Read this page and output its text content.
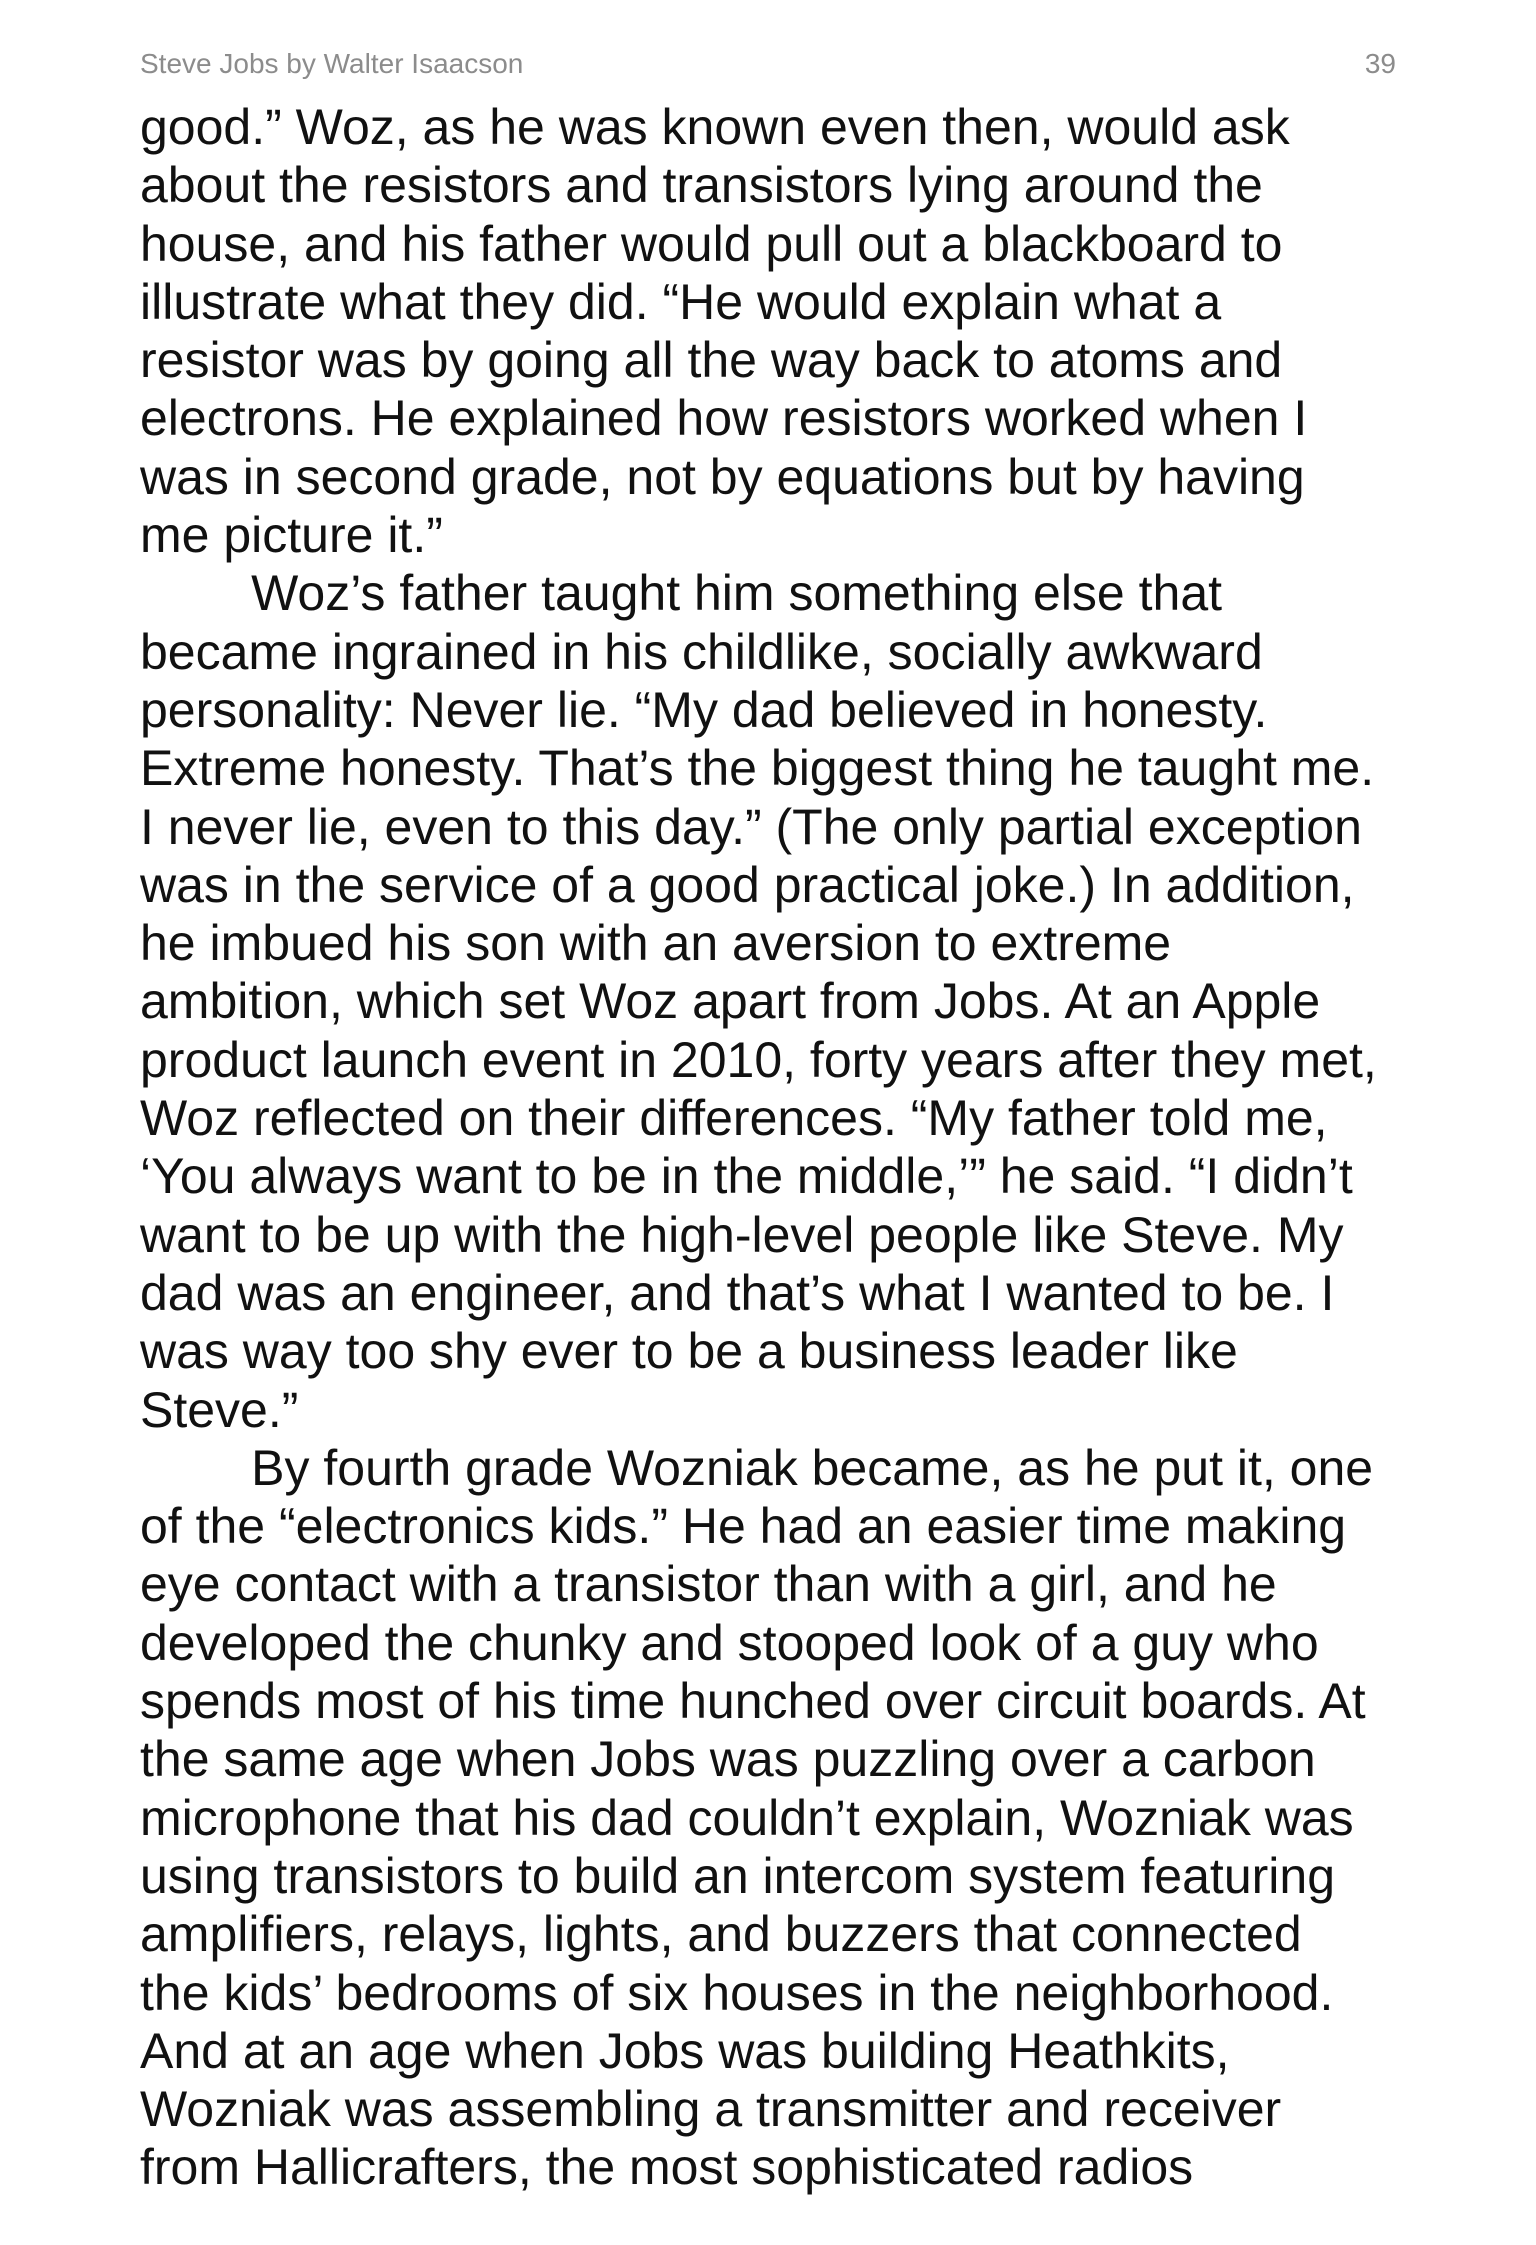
Steve Jobs by Walter Isaacson	39
good.” Woz, as he was known even then, would ask
about the resistors and transistors lying around the
house, and his father would pull out a blackboard to
illustrate what they did. “He would explain what a
resistor was by going all the way back to atoms and
electrons. He explained how resistors worked when I
was in second grade, not by equations but by having
me picture it.”
Woz’s father taught him something else that
became ingrained in his childlike, socially awkward
personality: Never lie. “My dad believed in honesty.
Extreme honesty. That’s the biggest thing he taught me.
I never lie, even to this day.” (The only partial exception
was in the service of a good practical joke.) In addition,
he imbued his son with an aversion to extreme
ambition, which set Woz apart from Jobs. At an Apple
product launch event in 2010, forty years after they met,
Woz reflected on their differences. “My father told me,
‘You always want to be in the middle,’” he said. “I didn’t
want to be up with the high-level people like Steve. My
dad was an engineer, and that’s what I wanted to be. I
was way too shy ever to be a business leader like
Steve.”
By fourth grade Wozniak became, as he put it, one
of the “electronics kids.” He had an easier time making
eye contact with a transistor than with a girl, and he
developed the chunky and stooped look of a guy who
spends most of his time hunched over circuit boards. At
the same age when Jobs was puzzling over a carbon
microphone that his dad couldn’t explain, Wozniak was
using transistors to build an intercom system featuring
amplifiers, relays, lights, and buzzers that connected
the kids’ bedrooms of six houses in the neighborhood.
And at an age when Jobs was building Heathkits,
Wozniak was assembling a transmitter and receiver
from Hallicrafters, the most sophisticated radios
